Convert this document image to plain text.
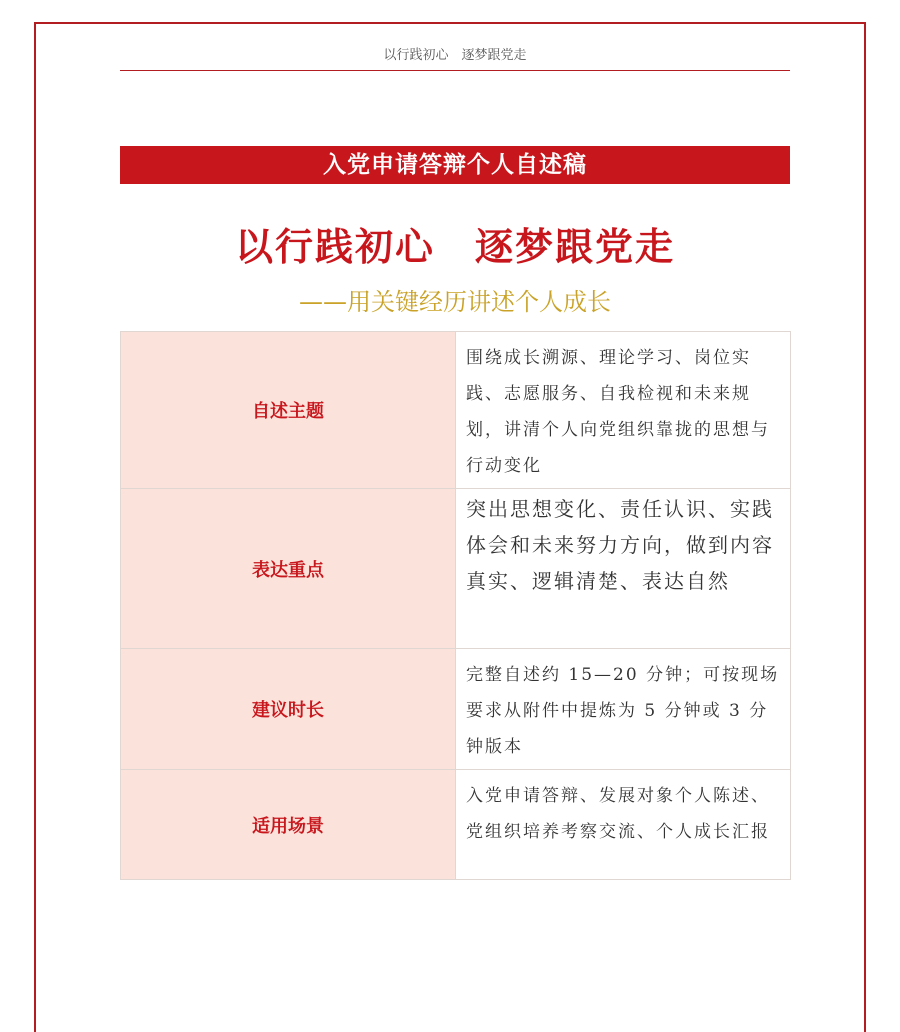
以行践初心　逐梦跟党走
入党申请答辩个人自述稿
以行践初心　逐梦跟党走
——用关键经历讲述个人成长
自述主题	围绕成长溯源、理论学习、岗位实践、志愿服务、自我检视和未来规划，讲清个人向党组织靠拢的思想与行动变化
表达重点	突出思想变化、责任认识、实践体会和未来努力方向，做到内容真实、逻辑清楚、表达自然
建议时长	完整自述约 15—20 分钟；可按现场要求从附件中提炼为 5 分钟或 3 分钟版本
适用场景	入党申请答辩、发展对象个人陈述、党组织培养考察交流、个人成长汇报
